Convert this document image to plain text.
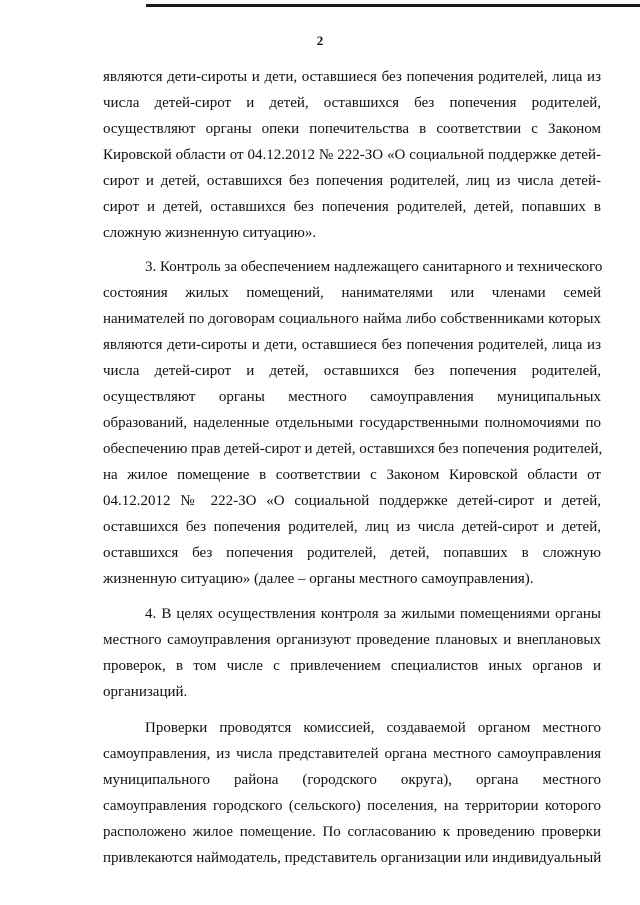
2

являются дети-сироты и дети, оставшиеся без попечения родителей, лица из
числа детей-сирот и детей, оставшихся без попечения родителей,
осуществляют органы опеки попечительства в соответствии с Законом
Кировской области от 04.12.2012 № 222-ЗО «О социальной поддержке детей-
сирот и детей, оставшихся без попечения родителей, лиц из числа детей-
сирот и детей, оставшихся без попечения родителей, детей, попавших в
сложную жизненную ситуацию».

3. Контроль за обеспечением надлежащего санитарного и технического
состояния жилых помещений, нанимателями или членами семей
нанимателей по договорам социального найма либо собственниками которых
являются дети-сироты и дети, оставшиеся без попечения родителей, лица из
числа детей-сирот и детей, оставшихся без попечения родителей,
осуществляют органы местного самоуправления муниципальных
образований, наделенные отдельными государственными полномочиями по
обеспечению прав детей-сирот и детей, оставшихся без попечения родителей,
на жилое помещение в соответствии с Законом Кировской области от
04.12.2012 № 222-ЗО «О социальной поддержке детей-сирот и детей,
оставшихся без попечения родителей, лиц из числа детей-сирот и детей,
оставшихся без попечения родителей, детей, попавших в сложную
жизненную ситуацию» (далее – органы местного самоуправления).

4. В целях осуществления контроля за жилыми помещениями органы
местного самоуправления организуют проведение плановых и внеплановых
проверок, в том числе с привлечением специалистов иных органов и
организаций.

Проверки проводятся комиссией, создаваемой органом местного
самоуправления, из числа представителей органа местного самоуправления
муниципального района (городского округа), органа местного
самоуправления городского (сельского) поселения, на территории которого
расположено жилое помещение. По согласованию к проведению проверки
привлекаются наймодатель, представитель организации или индивидуальный
